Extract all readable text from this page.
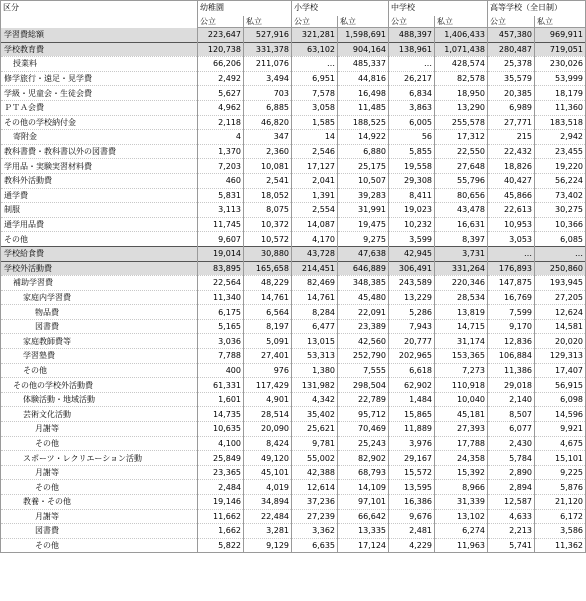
区分	幼稚園		小学校		中学校		高等学校（全日制）	
	公立	私立	公立	私立	公立	私立	公立	私立
学習費総額	223,647	527,916	321,281	1,598,691	488,397	1,406,433	457,380	969,911
学校教育費	120,738	331,378	63,102	904,164	138,961	1,071,438	280,487	719,051
授業料	66,206	211,076	…	485,337	…	428,574	25,378	230,026
修学旅行・遠足・見学費	2,492	3,494	6,951	44,816	26,217	82,578	35,579	53,999
学級・児童会・生徒会費	5,627	703	7,578	16,498	6,834	18,950	20,385	18,179
ＰＴＡ会費	4,962	6,885	3,058	11,485	3,863	13,290	6,989	11,360
その他の学校納付金	2,118	46,820	1,585	188,525	6,005	255,578	27,771	183,518
寄附金	4	347	14	14,922	56	17,312	215	2,942
教科書費・教科書以外の図書費	1,370	2,360	2,546	6,880	5,855	22,550	22,432	23,455
学用品・実験実習材料費	7,203	10,081	17,127	25,175	19,558	27,648	18,826	19,220
教科外活動費	460	2,541	2,041	10,507	29,308	55,796	40,427	56,224
通学費	5,831	18,052	1,391	39,283	8,411	80,656	45,866	73,402
制服	3,113	8,075	2,554	31,991	19,023	43,478	22,613	30,275
通学用品費	11,745	10,372	14,087	19,475	10,232	16,631	10,953	10,366
その他	9,607	10,572	4,170	9,275	3,599	8,397	3,053	6,085
学校給食費	19,014	30,880	43,728	47,638	42,945	3,731	…	…
学校外活動費	83,895	165,658	214,451	646,889	306,491	331,264	176,893	250,860
補助学習費	22,564	48,229	82,469	348,385	243,589	220,346	147,875	193,945
家庭内学習費	11,340	14,761	14,761	45,480	13,229	28,534	16,769	27,205
物品費	6,175	6,564	8,284	22,091	5,286	13,819	7,599	12,624
図書費	5,165	8,197	6,477	23,389	7,943	14,715	9,170	14,581
家庭教師費等	3,036	5,091	13,015	42,560	20,777	31,174	12,836	20,020
学習塾費	7,788	27,401	53,313	252,790	202,965	153,365	106,884	129,313
その他	400	976	1,380	7,555	6,618	7,273	11,386	17,407
その他の学校外活動費	61,331	117,429	131,982	298,504	62,902	110,918	29,018	56,915
体験活動・地域活動	1,601	4,901	4,342	22,789	1,484	10,040	2,140	6,098
芸術文化活動	14,735	28,514	35,402	95,712	15,865	45,181	8,507	14,596
月謝等	10,635	20,090	25,621	70,469	11,889	27,393	6,077	9,921
その他	4,100	8,424	9,781	25,243	3,976	17,788	2,430	4,675
スポーツ・レクリエーション活動	25,849	49,120	55,002	82,902	29,167	24,358	5,784	15,101
月謝等	23,365	45,101	42,388	68,793	15,572	15,392	2,890	9,225
その他	2,484	4,019	12,614	14,109	13,595	8,966	2,894	5,876
教養・その他	19,146	34,894	37,236	97,101	16,386	31,339	12,587	21,120
月謝等	11,662	22,484	27,239	66,642	9,676	13,102	4,633	6,172
図書費	1,662	3,281	3,362	13,335	2,481	6,274	2,213	3,586
その他	5,822	9,129	6,635	17,124	4,229	11,963	5,741	11,362
